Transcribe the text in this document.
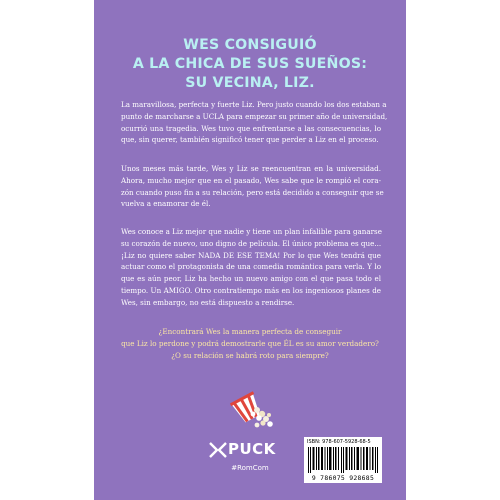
WES CONSIGUIÓ
A LA CHICA DE SUS SUEÑOS:
SU VECINA, LIZ.
La maravillosa, perfecta y fuerte Liz. Pero justo cuando los dos estaban a
punto de marcharse a UCLA para empezar su primer año de universidad,
ocurrió una tragedia. Wes tuvo que enfrentarse a las consecuencias, lo
que, sin querer, también significó tener que perder a Liz en el proceso.
Unos meses más tarde, Wes y Liz se reencuentran en la universidad.
Ahora, mucho mejor que en el pasado, Wes sabe que le rompió el cora-
zón cuando puso fin a su relación, pero está decidido a conseguir que se
vuelva a enamorar de él.
Wes conoce a Liz mejor que nadie y tiene un plan infalible para ganarse
su corazón de nuevo, uno digno de película. El único problema es que...
¡Liz no quiere saber NADA DE ESE TEMA! Por lo que Wes tendrá que
actuar como el protagonista de una comedia romántica para verla. Y lo
que es aún peor, Liz ha hecho un nuevo amigo con el que pasa todo el
tiempo. Un AMIGO. Otro contratiempo más en los ingeniosos planes de
Wes, sin embargo, no está dispuesto a rendirse.
¿Encontrará Wes la manera perfecta de conseguir
que Liz lo perdone y podrá demostrarle que ÉL es su amor verdadero?
¿O su relación se habrá roto para siempre?
PUCK
#RomCom
ISBN: 978-607-5928-68-5
9 786075 928685
